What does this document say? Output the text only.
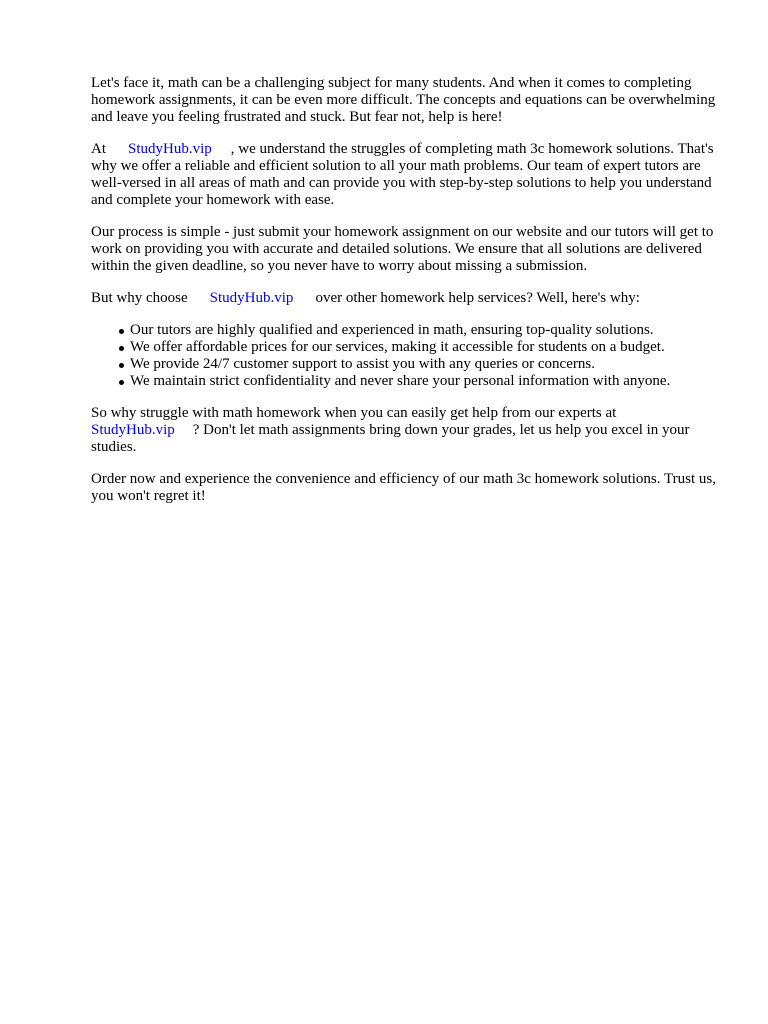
Let's face it, math can be a challenging subject for many students. And when it comes to completing homework assignments, it can be even more difficult. The concepts and equations can be overwhelming and leave you feeling frustrated and stuck. But fear not, help is here!

At StudyHub.vip , we understand the struggles of completing math 3c homework solutions. That's why we offer a reliable and efficient solution to all your math problems. Our team of expert tutors are well-versed in all areas of math and can provide you with step-by-step solutions to help you understand and complete your homework with ease.

Our process is simple - just submit your homework assignment on our website and our tutors will get to work on providing you with accurate and detailed solutions. We ensure that all solutions are delivered within the given deadline, so you never have to worry about missing a submission.

But why choose StudyHub.vip over other homework help services? Well, here's why:

Our tutors are highly qualified and experienced in math, ensuring top-quality solutions.
We offer affordable prices for our services, making it accessible for students on a budget.
We provide 24/7 customer support to assist you with any queries or concerns.
We maintain strict confidentiality and never share your personal information with anyone.

So why struggle with math homework when you can easily get help from our experts at StudyHub.vip ? Don't let math assignments bring down your grades, let us help you excel in your studies.

Order now and experience the convenience and efficiency of our math 3c homework solutions. Trust us, you won't regret it!
